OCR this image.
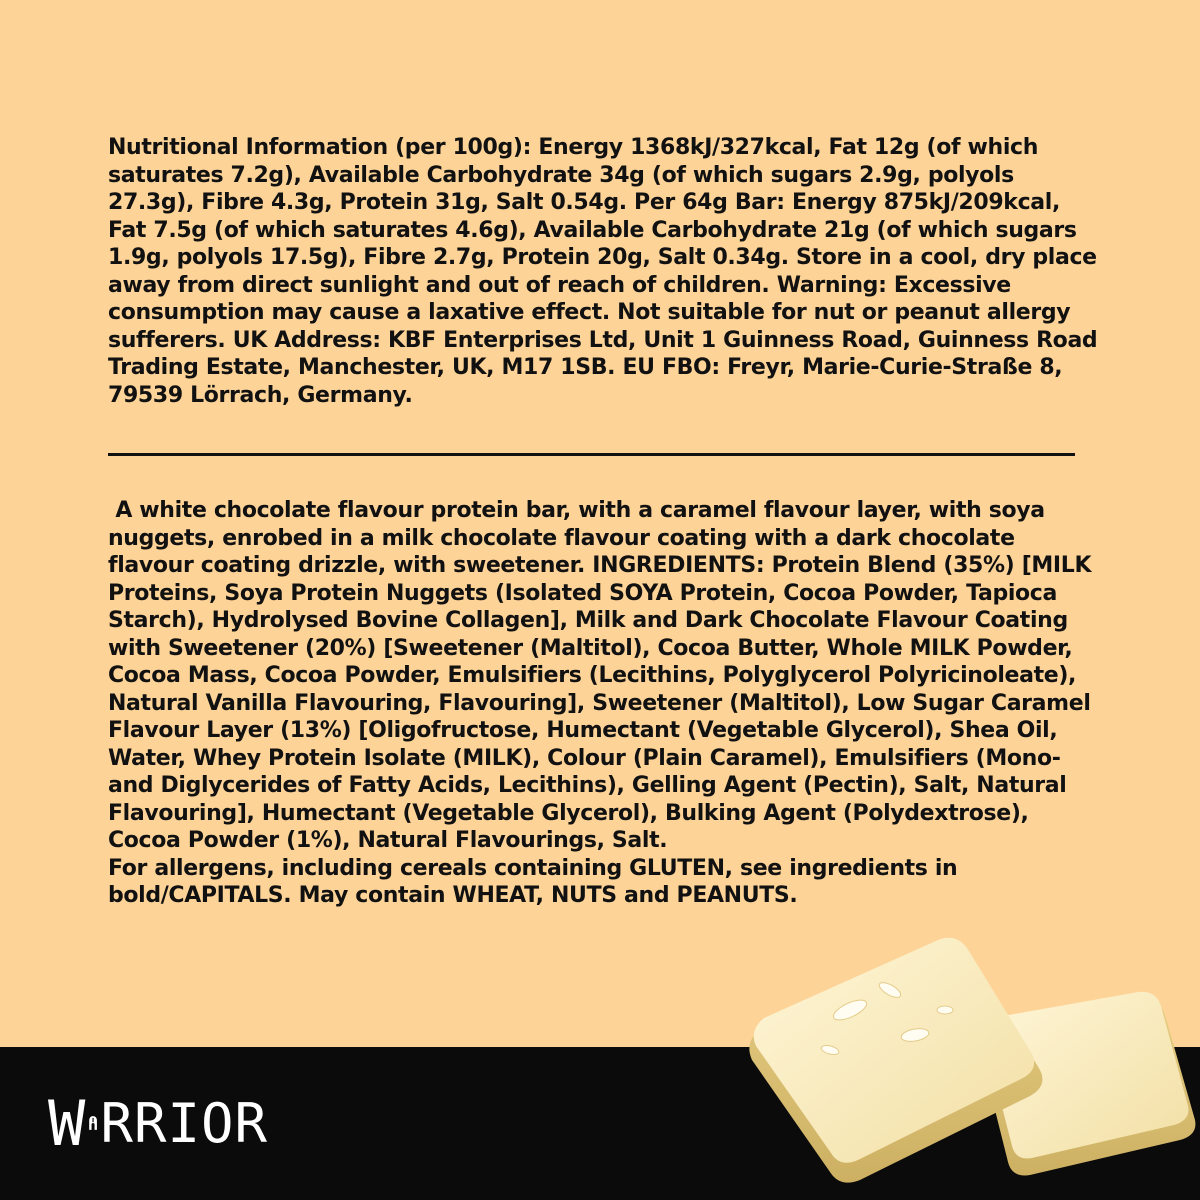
Nutritional Information (per 100g): Energy 1368kJ/327kcal, Fat 12g (of which saturates 7.2g), Available Carbohydrate 34g (of which sugars 2.9g, polyols 27.3g), Fibre 4.3g, Protein 31g, Salt 0.54g. Per 64g Bar: Energy 875kJ/209kcal, Fat 7.5g (of which saturates 4.6g), Available Carbohydrate 21g (of which sugars 1.9g, polyols 17.5g), Fibre 2.7g, Protein 20g, Salt 0.34g. Store in a cool, dry place away from direct sunlight and out of reach of children. Warning: Excessive consumption may cause a laxative effect. Not suitable for nut or peanut allergy sufferers. UK Address: KBF Enterprises Ltd, Unit 1 Guinness Road, Guinness Road Trading Estate, Manchester, UK, M17 1SB. EU FBO: Freyr, Marie-Curie-Straße 8, 79539 Lörrach, Germany.

A white chocolate flavour protein bar, with a caramel flavour layer, with soya nuggets, enrobed in a milk chocolate flavour coating with a dark chocolate flavour coating drizzle, with sweetener. INGREDIENTS: Protein Blend (35%) [MILK Proteins, Soya Protein Nuggets (Isolated SOYA Protein, Cocoa Powder, Tapioca Starch), Hydrolysed Bovine Collagen], Milk and Dark Chocolate Flavour Coating with Sweetener (20%) [Sweetener (Maltitol), Cocoa Butter, Whole MILK Powder, Cocoa Mass, Cocoa Powder, Emulsifiers (Lecithins, Polyglycerol Polyricinoleate), Natural Vanilla Flavouring, Flavouring], Sweetener (Maltitol), Low Sugar Caramel Flavour Layer (13%) [Oligofructose, Humectant (Vegetable Glycerol), Shea Oil, Water, Whey Protein Isolate (MILK), Colour (Plain Caramel), Emulsifiers (Mono- and Diglycerides of Fatty Acids, Lecithins), Gelling Agent (Pectin), Salt, Natural Flavouring], Humectant (Vegetable Glycerol), Bulking Agent (Polydextrose), Cocoa Powder (1%), Natural Flavourings, Salt.

For allergens, including cereals containing GLUTEN, see ingredients in bold/CAPITALS. May contain WHEAT, NUTS and PEANUTS.

W RRIOR
